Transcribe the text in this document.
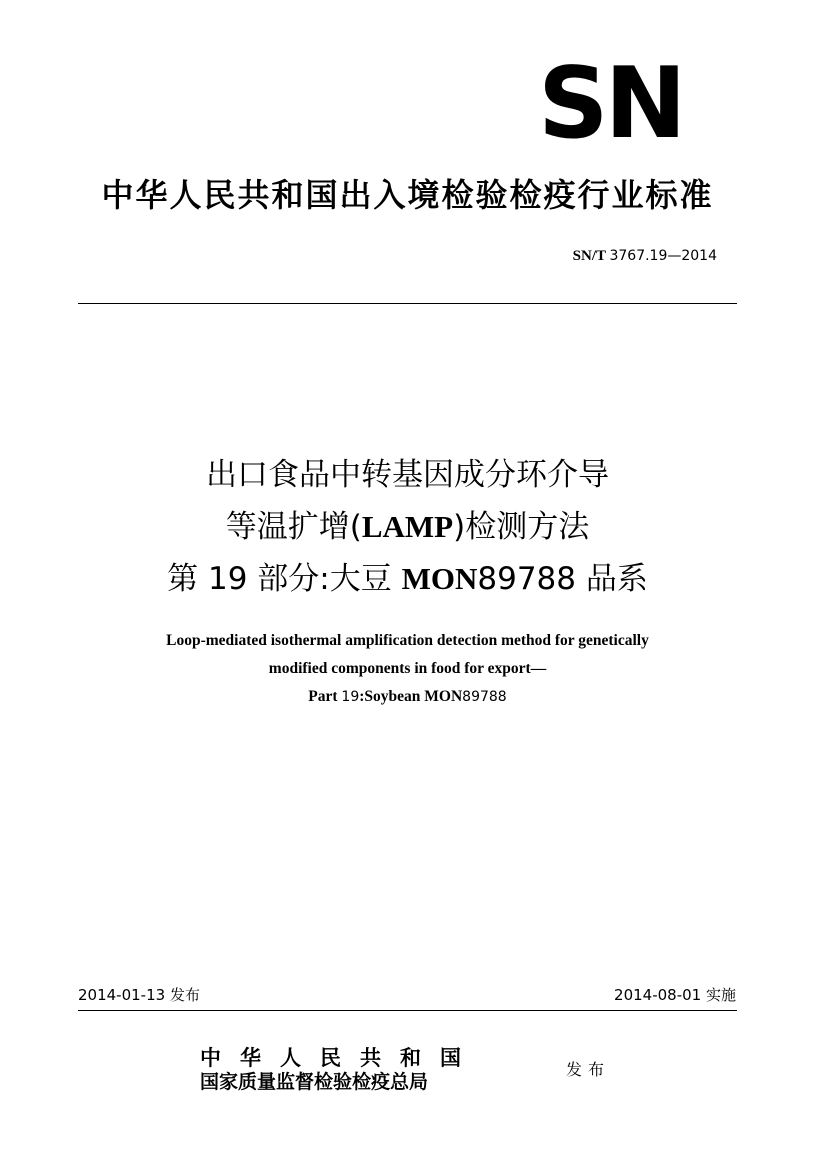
SN
中华人民共和国出入境检验检疫行业标准
SN/T 3767.19—2014
出口食品中转基因成分环介导
等温扩增(LAMP)检测方法
第 19 部分:大豆 MON89788 品系
Loop-mediated isothermal amplification detection method for genetically
modified components in food for export—
Part 19:Soybean MON89788
2014-01-13 发布	2014-08-01 实施
中华人民共和国
国家质量监督检验检疫总局
发布
